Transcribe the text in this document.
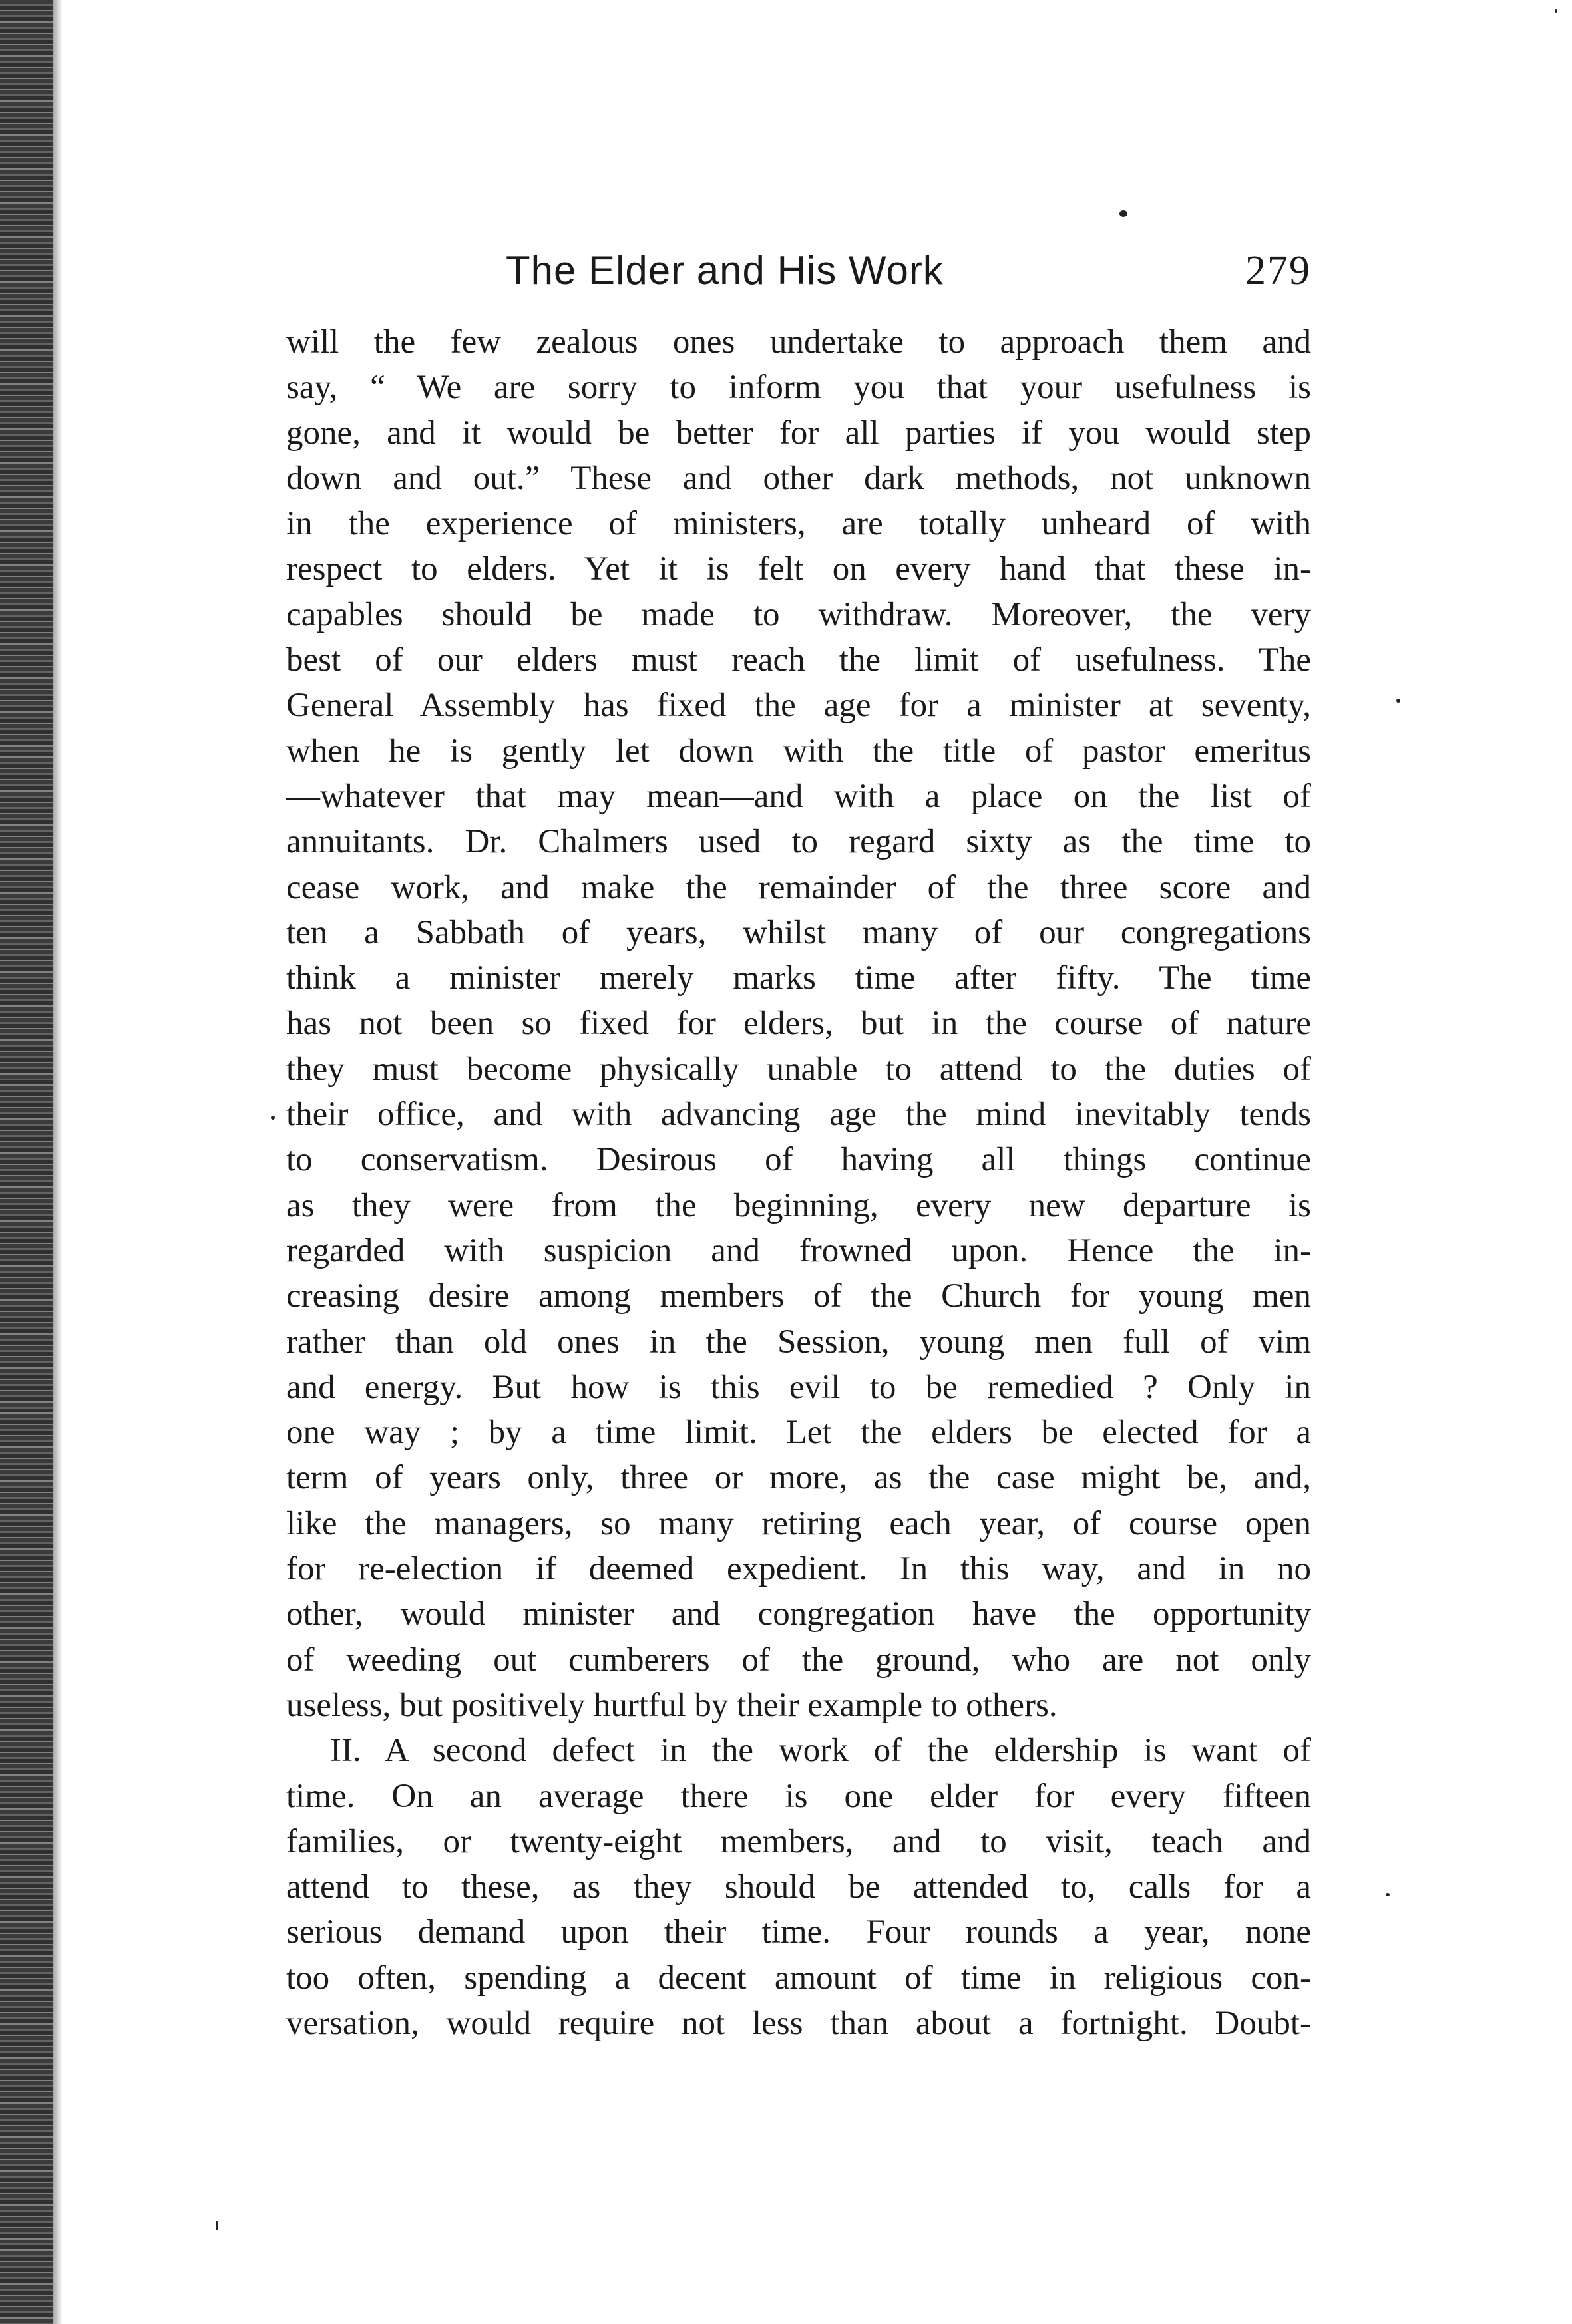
The Elder and His Work	279
will the few zealous ones undertake to approach them and
say, “ We are sorry to inform you that your usefulness is
gone, and it would be better for all parties if you would step
down and out.” These and other dark methods, not unknown
in the experience of ministers, are totally unheard of with
respect to elders. Yet it is felt on every hand that these in-
capables should be made to withdraw. Moreover, the very
best of our elders must reach the limit of usefulness. The
General Assembly has fixed the age for a minister at seventy,
when he is gently let down with the title of pastor emeritus
—whatever that may mean—and with a place on the list of
annuitants. Dr. Chalmers used to regard sixty as the time to
cease work, and make the remainder of the three score and
ten a Sabbath of years, whilst many of our congregations
think a minister merely marks time after fifty. The time
has not been so fixed for elders, but in the course of nature
they must become physically unable to attend to the duties of
their office, and with advancing age the mind inevitably tends
to conservatism. Desirous of having all things continue
as they were from the beginning, every new departure is
regarded with suspicion and frowned upon. Hence the in-
creasing desire among members of the Church for young men
rather than old ones in the Session, young men full of vim
and energy. But how is this evil to be remedied ? Only in
one way ; by a time limit. Let the elders be elected for a
term of years only, three or more, as the case might be, and,
like the managers, so many retiring each year, of course open
for re-election if deemed expedient. In this way, and in no
other, would minister and congregation have the opportunity
of weeding out cumberers of the ground, who are not only
useless, but positively hurtful by their example to others.
II. A second defect in the work of the eldership is want of
time. On an average there is one elder for every fifteen
families, or twenty-eight members, and to visit, teach and
attend to these, as they should be attended to, calls for a
serious demand upon their time. Four rounds a year, none
too often, spending a decent amount of time in religious con-
versation, would require not less than about a fortnight. Doubt-
